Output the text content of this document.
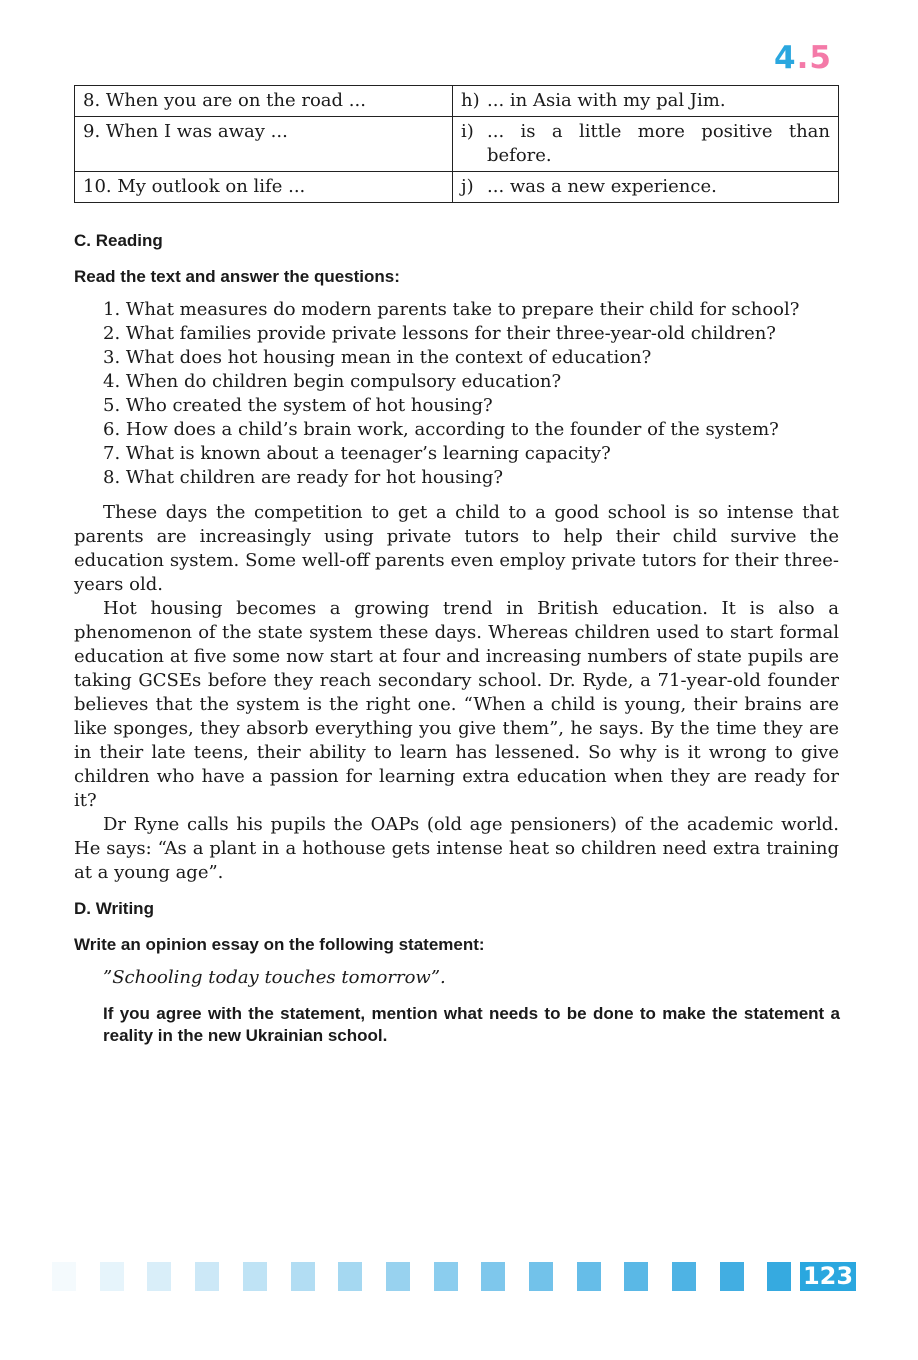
4.5
8. When you are on the road ...	h) ... in Asia with my pal Jim.

9. When I was away ...	i) ... is a little more positive than before.

10. My outlook on life ...	j) ... was a new experience.
C. Reading
Read the text and answer the questions:
1. What measures do modern parents take to prepare their child for school?
2. What families provide private lessons for their three-year-old children?
3. What does hot housing mean in the context of education?
4. When do children begin compulsory education?
5. Who created the system of hot housing?
6. How does a child’s brain work, according to the founder of the system?
7. What is known about a teenager’s learning capacity?
8. What children are ready for hot housing?

These days the competition to get a child to a good school is so intense that parents are increasingly using private tutors to help their child survive the education system. Some well-off parents even employ private tutors for their three-years old.

Hot housing becomes a growing trend in British education. It is also a phenomenon of the state system these days. Whereas children used to start formal education at five some now start at four and increasing numbers of state pupils are taking GCSEs before they reach secondary school. Dr. Ryde, a 71-year-old founder believes that the system is the right one. “When a child is young, their brains are like sponges, they absorb everything you give them”, he says. By the time they are in their late teens, their ability to learn has lessened. So why is it wrong to give children who have a passion for learning extra education when they are ready for it?

Dr Ryne calls his pupils the OAPs (old age pensioners) of the academic world. He says: “As a plant in a hothouse gets intense heat so children need extra training at a young age”.

D. Writing
Write an opinion essay on the following statement:
”Schooling today touches tomorrow”.
If you agree with the statement, mention what needs to be done to make the statement a reality in the new Ukrainian school.
123
